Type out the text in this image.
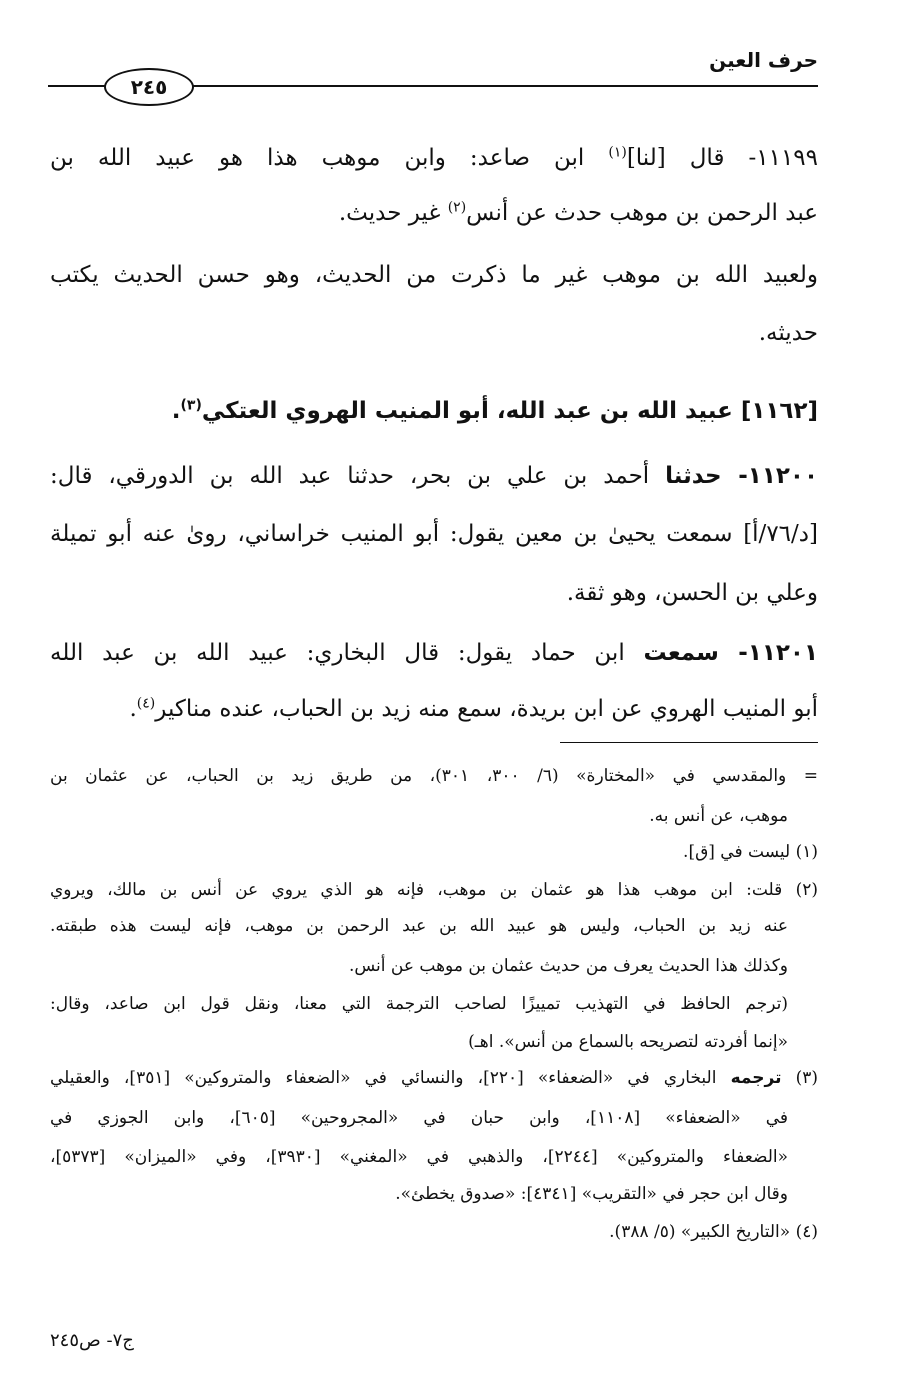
حرف العين
٢٤٥
١١١٩٩- قال [لنا]$^{(١)}$ ابن صاعد: وابن موهب هذا هو عبيد الله بن
عبد الرحمن بن موهب حدث عن أنس$^{(٢)}$ غير حديث.
ولعبيد الله بن موهب غير ما ذكرت من الحديث، وهو حسن الحديث يكتب
حديثه.
[١١٦٢] عبيد الله بن عبد الله، أبو المنيب الهروي العتكي$^{(٣)}$.
١١٢٠٠- حدثنا أحمد بن علي بن بحر، حدثنا عبد الله بن الدورقي، قال:
[د/٧٦/أ] سمعت يحيىٰ بن معين يقول: أبو المنيب خراساني، روىٰ عنه أبو تميلة
وعلي بن الحسن، وهو ثقة.
١١٢٠١- سمعت ابن حماد يقول: قال البخاري: عبيد الله بن عبد الله
أبو المنيب الهروي عن ابن بريدة، سمع منه زيد بن الحباب، عنده مناكير$^{(٤)}$.
= والمقدسي في «المختارة» (٦/ ٣٠٠، ٣٠١)، من طريق زيد بن الحباب، عن عثمان بن
موهب، عن أنس به.
(١) ليست في [ق].
(٢) قلت: ابن موهب هذا هو عثمان بن موهب، فإنه هو الذي يروي عن أنس بن مالك، ويروي
عنه زيد بن الحباب، وليس هو عبيد الله بن عبد الرحمن بن موهب، فإنه ليست هذه طبقته.
وكذلك هذا الحديث يعرف من حديث عثمان بن موهب عن أنس.
(ترجم الحافظ في التهذيب تمييزًا لصاحب الترجمة التي معنا، ونقل قول ابن صاعد، وقال:
«إنما أفردته لتصريحه بالسماع من أنس». اهـ)
(٣) ترجمه البخاري في «الضعفاء» [٢٢٠]، والنسائي في «الضعفاء والمتروكين» [٣٥١]، والعقيلي
في «الضعفاء» [١١٠٨]، وابن حبان في «المجروحين» [٦٠٥]، وابن الجوزي في
«الضعفاء والمتروكين» [٢٢٤٤]، والذهبي في «المغني» [٣٩٣٠]، وفي «الميزان» [٥٣٧٣]،
وقال ابن حجر في «التقريب» [٤٣٤١]: «صدوق يخطئ».
(٤) «التاريخ الكبير» (٥/ ٣٨٨).
ج٧- ص٢٤٥
